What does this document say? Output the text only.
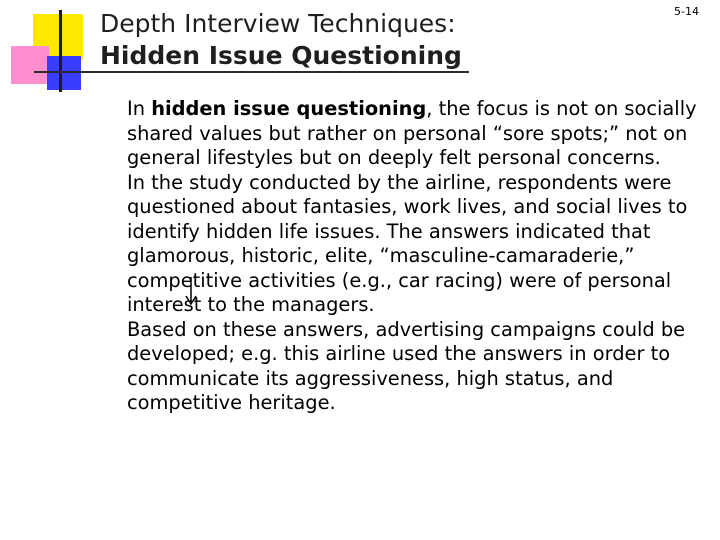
Depth Interview Techniques:
Hidden Issue Questioning
5-14

In hidden issue questioning, the focus is not on socially shared values but rather on personal “sore spots;” not on general lifestyles but on deeply felt personal concerns.

In the study conducted by the airline, respondents were questioned about fantasies, work lives, and social lives to identify hidden life issues. The answers indicated that glamorous, historic, elite, “masculine-camaraderie,” competitive activities (e.g., car racing) were of personal interest to the managers.

Based on these answers, advertising campaigns could be developed; e.g. this airline used the answers in order to communicate its aggressiveness, high status, and competitive heritage.
